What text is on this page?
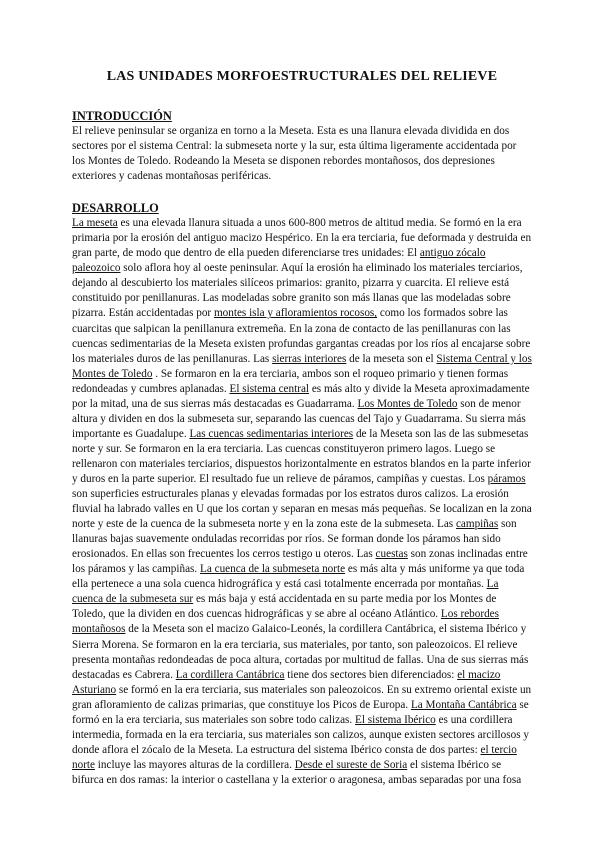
LAS UNIDADES MORFOESTRUCTURALES DEL RELIEVE
INTRODUCCIÓN

El relieve peninsular se organiza en torno a la Meseta. Esta es una llanura elevada dividida en dos sectores por el sistema Central: la submeseta norte y la sur, esta última ligeramente accidentada por los Montes de Toledo. Rodeando la Meseta se disponen rebordes montañosos, dos depresiones exteriores y cadenas montañosas periféricas.

DESARROLLO

La meseta es una elevada llanura situada a unos 600-800 metros de altitud media. Se formó en la era primaria por la erosión del antiguo macizo Hespérico. En la era terciaria, fue deformada y destruida en gran parte, de modo que dentro de ella pueden diferenciarse tres unidades: El antiguo zócalo paleozoico solo aflora hoy al oeste peninsular. Aquí la erosión ha eliminado los materiales terciarios, dejando al descubierto los materiales silíceos primarios: granito, pizarra y cuarcita. El relieve está constituido por penillanuras. Las modeladas sobre granito son más llanas que las modeladas sobre pizarra. Están accidentadas por montes isla y afloramientos rocosos, como los formados sobre las cuarcitas que salpican la penillanura extremeña. En la zona de contacto de las penillanuras con las cuencas sedimentarias de la Meseta existen profundas gargantas creadas por los ríos al encajarse sobre los materiales duros de las penillanuras. Las sierras interiores de la meseta son el Sistema Central y los Montes de Toledo . Se formaron en la era terciaria, ambos son el roqueo primario y tienen formas redondeadas y cumbres aplanadas. El sistema central es más alto y divide la Meseta aproximadamente por la mitad, una de sus sierras más destacadas es Guadarrama. Los Montes de Toledo son de menor altura y dividen en dos la submeseta sur, separando las cuencas del Tajo y Guadarrama. Su sierra más importante es Guadalupe. Las cuencas sedimentarias interiores de la Meseta son las de las submesetas norte y sur. Se formaron en la era terciaria. Las cuencas constituyeron primero lagos. Luego se rellenaron con materiales terciarios, dispuestos horizontalmente en estratos blandos en la parte inferior y duros en la parte superior. El resultado fue un relieve de páramos, campiñas y cuestas. Los páramos son superficies estructurales planas y elevadas formadas por los estratos duros calizos. La erosión fluvial ha labrado valles en U que los cortan y separan en mesas más pequeñas. Se localizan en la zona norte y este de la cuenca de la submeseta norte y en la zona este de la submeseta. Las campiñas son llanuras bajas suavemente onduladas recorridas por ríos. Se forman donde los páramos han sido erosionados. En ellas son frecuentes los cerros testigo u oteros. Las cuestas son zonas inclinadas entre los páramos y las campiñas. La cuenca de la submeseta norte es más alta y más uniforme ya que toda ella pertenece a una sola cuenca hidrográfica y está casi totalmente encerrada por montañas. La cuenca de la submeseta sur es más baja y está accidentada en su parte media por los Montes de Toledo, que la dividen en dos cuencas hidrográficas y se abre al océano Atlántico. Los rebordes montañosos de la Meseta son el macizo Galaico-Leonés, la cordillera Cantábrica, el sistema Ibérico y Sierra Morena. Se formaron en la era terciaria, sus materiales, por tanto, son paleozoicos. El relieve presenta montañas redondeadas de poca altura, cortadas por multitud de fallas. Una de sus sierras más destacadas es Cabrera. La cordillera Cantábrica tiene dos sectores bien diferenciados: el macizo Asturiano se formó en la era terciaria, sus materiales son paleozoicos. En su extremo oriental existe un gran afloramiento de calizas primarias, que constituye los Picos de Europa. La Montaña Cantábrica se formó en la era terciaria, sus materiales son sobre todo calizas. El sistema Ibérico es una cordillera intermedia, formada en la era terciaria, sus materiales son calizos, aunque existen sectores arcillosos y donde aflora el zócalo de la Meseta. La estructura del sistema Ibérico consta de dos partes: el tercio norte incluye las mayores alturas de la cordillera. Desde el sureste de Soria el sistema Ibérico se bifurca en dos ramas: la interior o castellana y la exterior o aragonesa, ambas separadas por una fosa
